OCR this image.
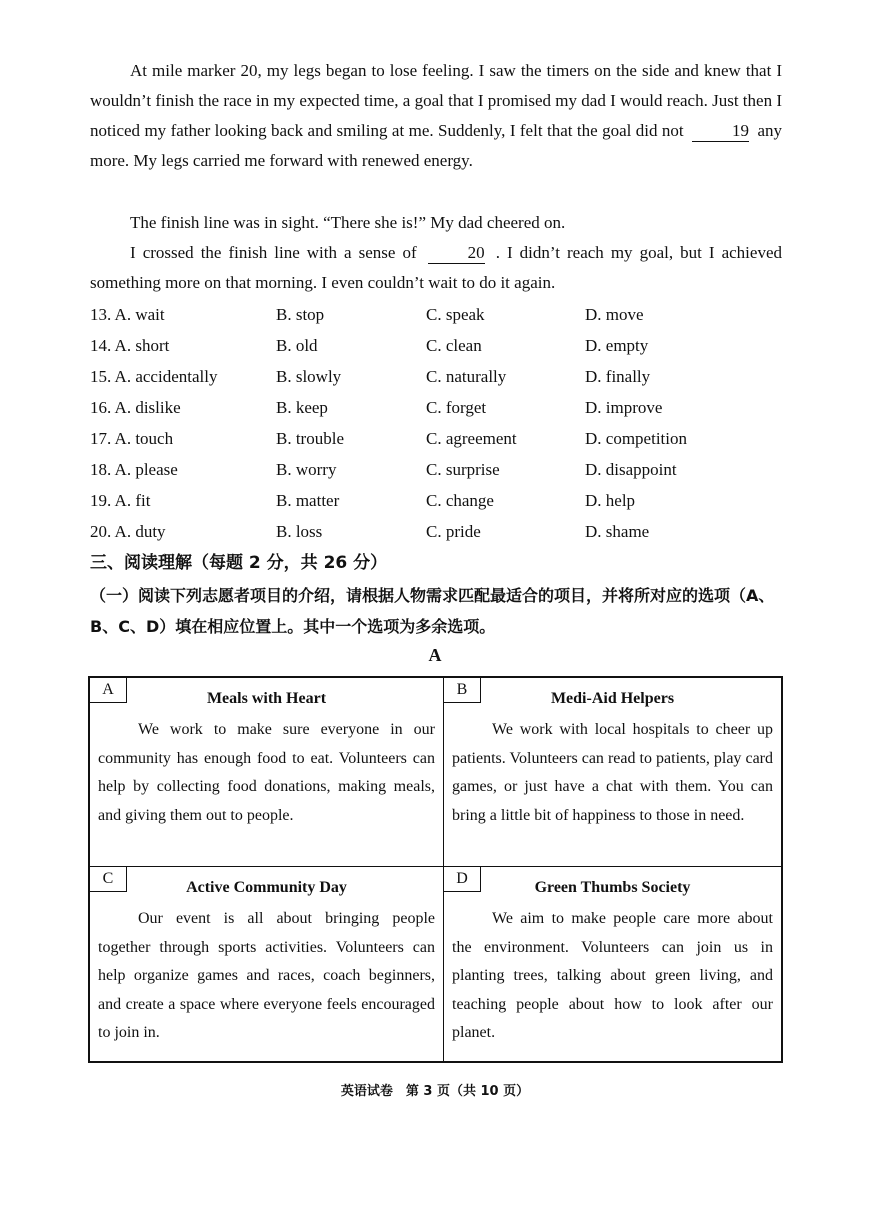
At mile marker 20, my legs began to lose feeling. I saw the timers on the side and knew that I wouldn’t finish the race in my expected time, a goal that I promised my dad I would reach. Just then I noticed my father looking back and smiling at me. Suddenly, I felt that the goal did not	19 any more. My legs carried me forward with renewed energy.
The finish line was in sight. “There she is!” My dad cheered on.
I crossed the finish line with a sense of	20 . I didn’t reach my goal, but I achieved something more on that morning. I even couldn’t wait to do it again.
13. A. wait	B. stop	C. speak	D. move
14. A. short	B. old	C. clean	D. empty
15. A. accidentally	B. slowly	C. naturally	D. finally
16. A. dislike	B. keep	C. forget	D. improve
17. A. touch	B. trouble	C. agreement	D. competition
18. A. please	B. worry	C. surprise	D. disappoint
19. A. fit	B. matter	C. change	D. help
20. A. duty	B. loss	C. pride	D. shame
三、阅读理解（每题 2 分，共 26 分）
（一）阅读下列志愿者项目的介绍，请根据人物需求匹配最适合的项目，并将所对应的选项（A、B、C、D）填在相应位置上。其中一个选项为多余选项。
A
A
Meals with Heart
We work to make sure everyone in our community has enough food to eat. Volunteers can help by collecting food donations, making meals, and giving them out to people.
B
Medi-Aid Helpers
We work with local hospitals to cheer up patients. Volunteers can read to patients, play card games, or just have a chat with them. You can bring a little bit of happiness to those in need.
C
Active Community Day
Our event is all about bringing people together through sports activities. Volunteers can help organize games and races, coach beginners, and create a space where everyone feels encouraged to join in.
D
Green Thumbs Society
We aim to make people care more about the environment. Volunteers can join us in planting trees, talking about green living, and teaching people about how to look after our planet.
英语试卷　第 3 页（共 10 页）
